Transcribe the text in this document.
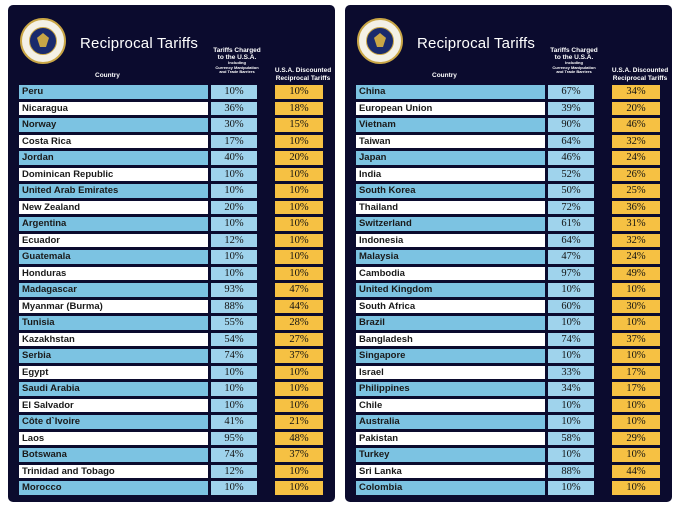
Reciprocal Tariffs	Tariffs Charged
to the U.S.A.
Including
Currency Manipulation
and Trade Barriers
Country
U.S.A. Discounted
Reciprocal Tariffs
Peru	10%	10%
Nicaragua	36%	18%
Norway	30%	15%
Costa Rica	17%	10%
Jordan	40%	20%
Dominican Republic	10%	10%
United Arab Emirates	10%	10%
New Zealand	20%	10%
Argentina	10%	10%
Ecuador	12%	10%
Guatemala	10%	10%
Honduras	10%	10%
Madagascar	93%	47%
Myanmar (Burma)	88%	44%
Tunisia	55%	28%
Kazakhstan	54%	27%
Serbia	74%	37%
Egypt	10%	10%
Saudi Arabia	10%	10%
El Salvador	10%	10%
Côte d`Ivoire	41%	21%
Laos	95%	48%
Botswana	74%	37%
Trinidad and Tobago	12%	10%
Morocco	10%	10%
Reciprocal Tariffs	Tariffs Charged
to the U.S.A.
Including
Currency Manipulation
and Trade Barriers
Country
U.S.A. Discounted
Reciprocal Tariffs
China	67%	34%
European Union	39%	20%
Vietnam	90%	46%
Taiwan	64%	32%
Japan	46%	24%
India	52%	26%
South Korea	50%	25%
Thailand	72%	36%
Switzerland	61%	31%
Indonesia	64%	32%
Malaysia	47%	24%
Cambodia	97%	49%
United Kingdom	10%	10%
South Africa	60%	30%
Brazil	10%	10%
Bangladesh	74%	37%
Singapore	10%	10%
Israel	33%	17%
Philippines	34%	17%
Chile	10%	10%
Australia	10%	10%
Pakistan	58%	29%
Turkey	10%	10%
Sri Lanka	88%	44%
Colombia	10%	10%
